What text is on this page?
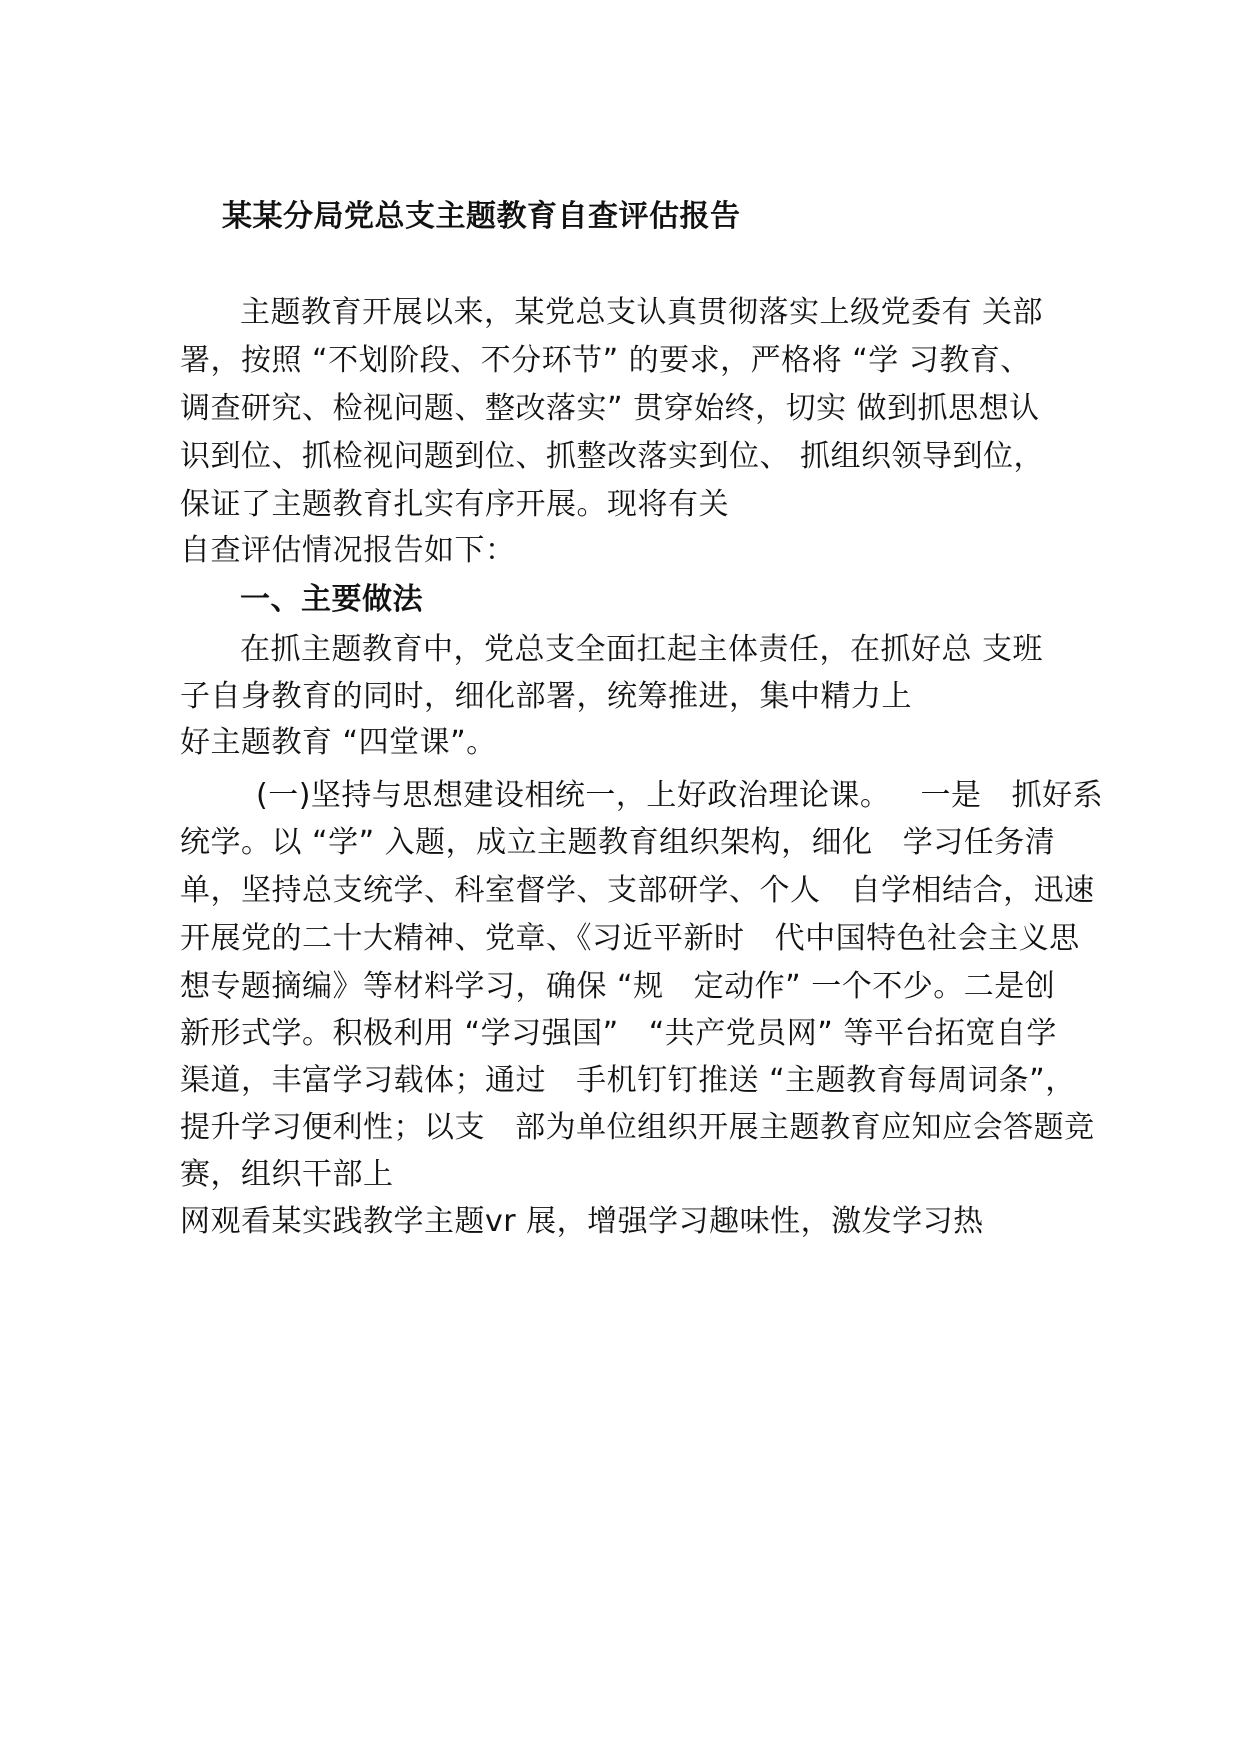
某某分局党总支主题教育自查评估报告
主题教育开展以来，某党总支认真贯彻落实上级党委有 关部
署，按照 “不划阶段、不分环节” 的要求，严格将 “学 习教育、
调查研究、检视问题、整改落实” 贯穿始终，切实 做到抓思想认
识到位、抓检视问题到位、抓整改落实到位、 抓组织领导到位，
保证了主题教育扎实有序开展。现将有关
自查评估情况报告如下：
一、主要做法
在抓主题教育中，党总支全面扛起主体责任，在抓好总 支班
子自身教育的同时，细化部署，统筹推进，集中精力上
好主题教育 “四堂课”。
(一)坚持与思想建设相统一，上好政治理论课。   一是   抓好系
统学。以 “学” 入题，成立主题教育组织架构，细化   学习任务清
单，坚持总支统学、科室督学、支部研学、个人   自学相结合，迅速
开展党的二十大精神、党章、《习近平新时   代中国特色社会主义思
想专题摘编》等材料学习，确保 “规   定动作” 一个不少。二是创
新形式学。积极利用 “学习强国”   “共产党员网” 等平台拓宽自学
渠道，丰富学习载体；通过   手机钉钉推送 “主题教育每周词条”，
提升学习便利性；以支   部为单位组织开展主题教育应知应会答题竞
赛，组织干部上
网观看某实践教学主题vr 展，增强学习趣味性，激发学习热
